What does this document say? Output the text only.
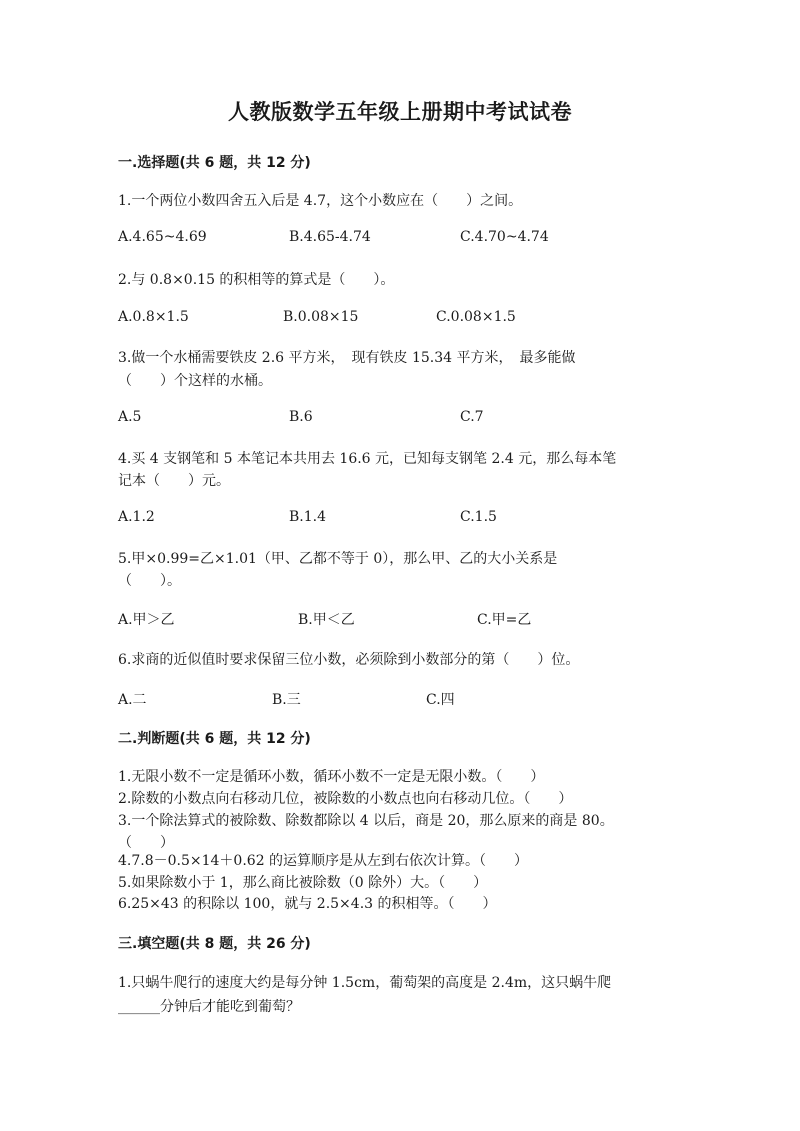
人教版数学五年级上册期中考试试卷
一.选择题(共 6 题，共 12 分)
1.一个两位小数四舍五入后是 4.7，这个小数应在（　　）之间。
A.4.65~4.69	B.4.65-4.74	C.4.70~4.74
2.与 0.8×0.15 的积相等的算式是（　　）。
A.0.8×1.5	B.0.08×15	C.0.08×1.5
3.做一个水桶需要铁皮 2.6 平方米，　现有铁皮 15.34 平方米，　最多能做
（　　）个这样的水桶。
A.5	B.6	C.7
4.买 4 支钢笔和 5 本笔记本共用去 16.6 元，已知每支钢笔 2.4 元，那么每本笔
记本（　　）元。
A.1.2	B.1.4	C.1.5
5.甲×0.99=乙×1.01（甲、乙都不等于 0），那么甲、乙的大小关系是
（　　）。
A.甲＞乙	B.甲＜乙	C.甲=乙
6.求商的近似值时要求保留三位小数，必须除到小数部分的第（　　）位。
A.二	B.三	C.四
二.判断题(共 6 题，共 12 分)
1.无限小数不一定是循环小数，循环小数不一定是无限小数。（　　）
2.除数的小数点向右移动几位，被除数的小数点也向右移动几位。（　　）
3.一个除法算式的被除数、除数都除以 4 以后，商是 20，那么原来的商是 80。
（　　）
4.7.8－0.5×14＋0.62 的运算顺序是从左到右依次计算。（　　）
5.如果除数小于 1，那么商比被除数（0 除外）大。（　　）
6.25×43 的积除以 100，就与 2.5×4.3 的积相等。（　　）
三.填空题(共 8 题，共 26 分)
1.只蜗牛爬行的速度大约是每分钟 1.5cm，葡萄架的高度是 2.4m，这只蜗牛爬
______分钟后才能吃到葡萄？
